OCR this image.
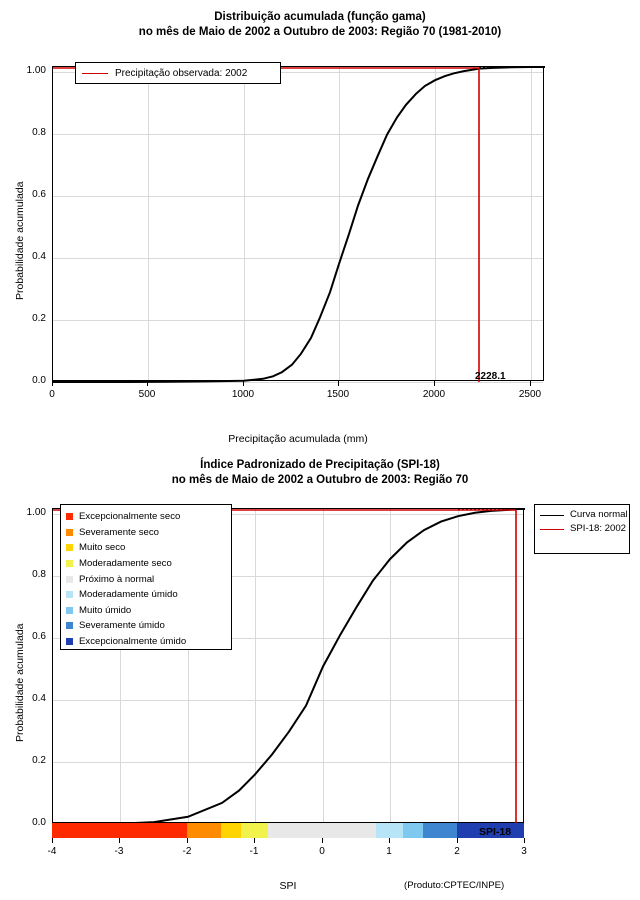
Distribuição acumulada (função gama)
no mês de Maio de 2002 a Outubro de 2003: Região 70 (1981-2010)
Probabilidade acumulada
1.00
0.8
0.6
0.4
0.2
0.0
0	500	1000	1500	2000	2500
2228.1
Precipitação acumulada (mm)
Precipitação observada: 2002
Índice Padronizado de Precipitação (SPI-18)
no mês de Maio de 2002 a Outubro de 2003: Região 70
Probabilidade acumulada
1.00
0.8
0.6
0.4
0.2
0.0
SPI-18
-4	-3	-2	-1	0	1	2	3
SPI	(Produto:CPTEC/INPE)
Excepcionalmente seco
Severamente seco
Muito seco
Moderadamente seco
Próximo à normal
Moderadamente úmido
Muito úmido
Severamente úmido
Excepcionalmente úmido
Curva normal
SPI-18: 2002
